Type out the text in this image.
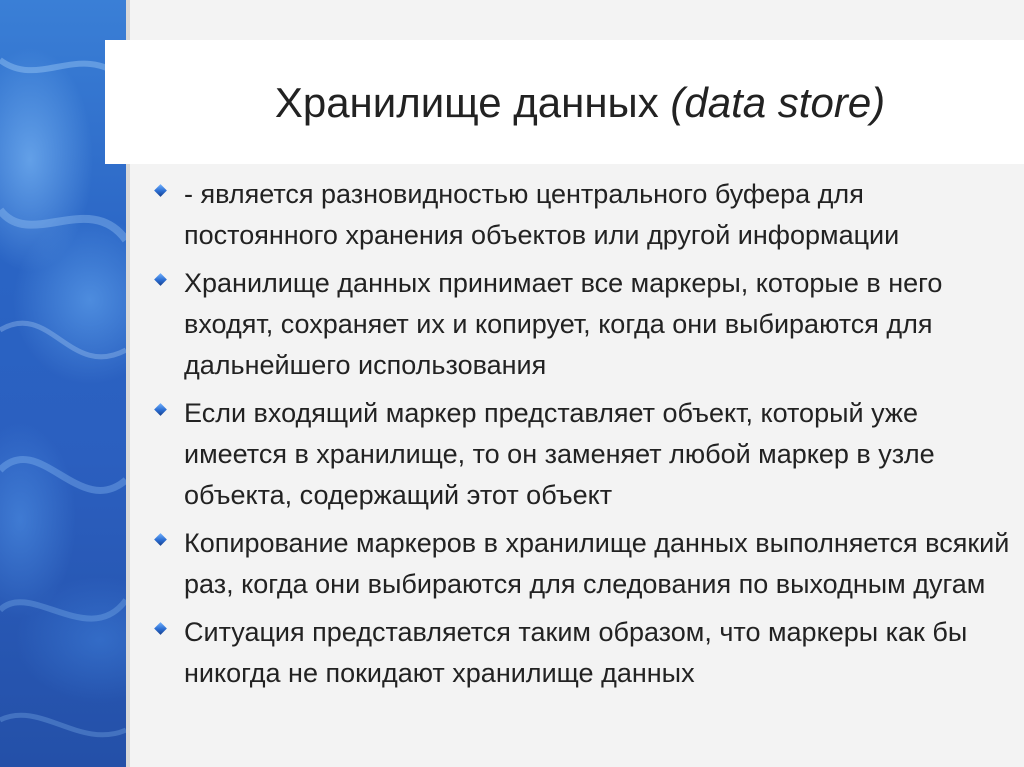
Хранилище данных (data store)
- является разновидностью центрального буфера для постоянного хранения объектов или другой информации
Хранилище данных принимает все маркеры, которые в него входят, сохраняет их и копирует, когда они выбираются для дальнейшего использования
Если входящий маркер представляет объект, который уже имеется в хранилище, то он заменяет любой маркер в узле объекта, содержащий этот объект
Копирование маркеров в хранилище данных выполняется всякий раз, когда они выбираются для следования по выходным дугам
Ситуация представляется таким образом, что маркеры как бы никогда не покидают хранилище данных
